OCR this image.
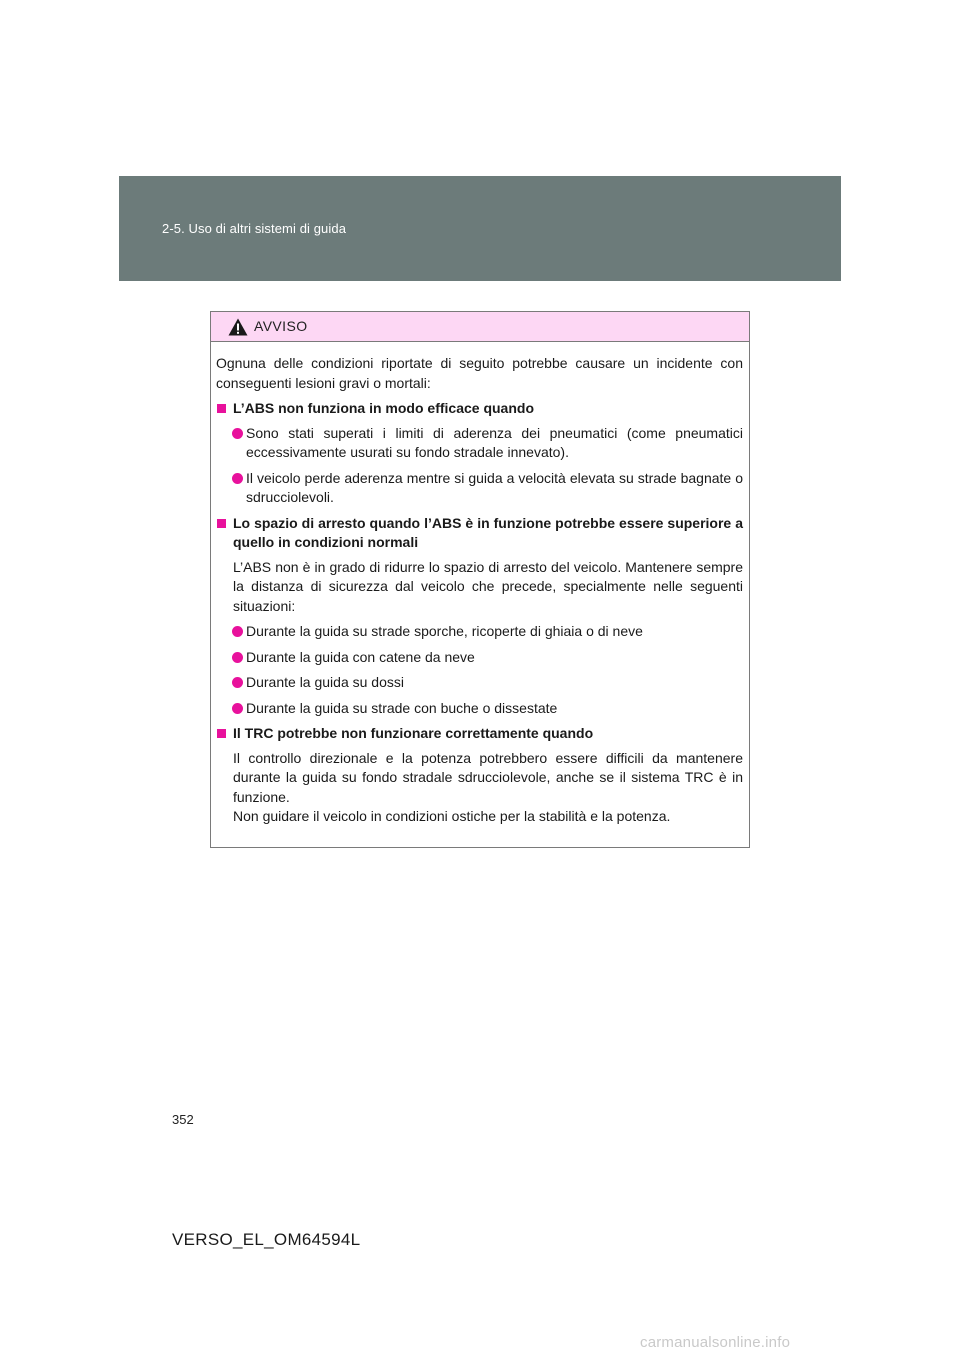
2-5. Uso di altri sistemi di guida
AVVISO

Ognuna delle condizioni riportate di seguito potrebbe causare un incidente con conseguenti lesioni gravi o mortali:

L’ABS non funziona in modo efficace quando
Sono stati superati i limiti di aderenza dei pneumatici (come pneumatici eccessivamente usurati su fondo stradale innevato).
Il veicolo perde aderenza mentre si guida a velocità elevata su strade bagnate o sdrucciolevoli.
Lo spazio di arresto quando l’ABS è in funzione potrebbe essere superiore a quello in condizioni normali

L’ABS non è in grado di ridurre lo spazio di arresto del veicolo. Mantenere sempre la distanza di sicurezza dal veicolo che precede, specialmente nelle seguenti situazioni:

Durante la guida su strade sporche, ricoperte di ghiaia o di neve
Durante la guida con catene da neve
Durante la guida su dossi
Durante la guida su strade con buche o dissestate
Il TRC potrebbe non funzionare correttamente quando

Il controllo direzionale e la potenza potrebbero essere difficili da mantenere durante la guida su fondo stradale sdrucciolevole, anche se il sistema TRC è in funzione.

Non guidare il veicolo in condizioni ostiche per la stabilità e la potenza.

352
VERSO_EL_OM64594L
carmanualsonline.info
